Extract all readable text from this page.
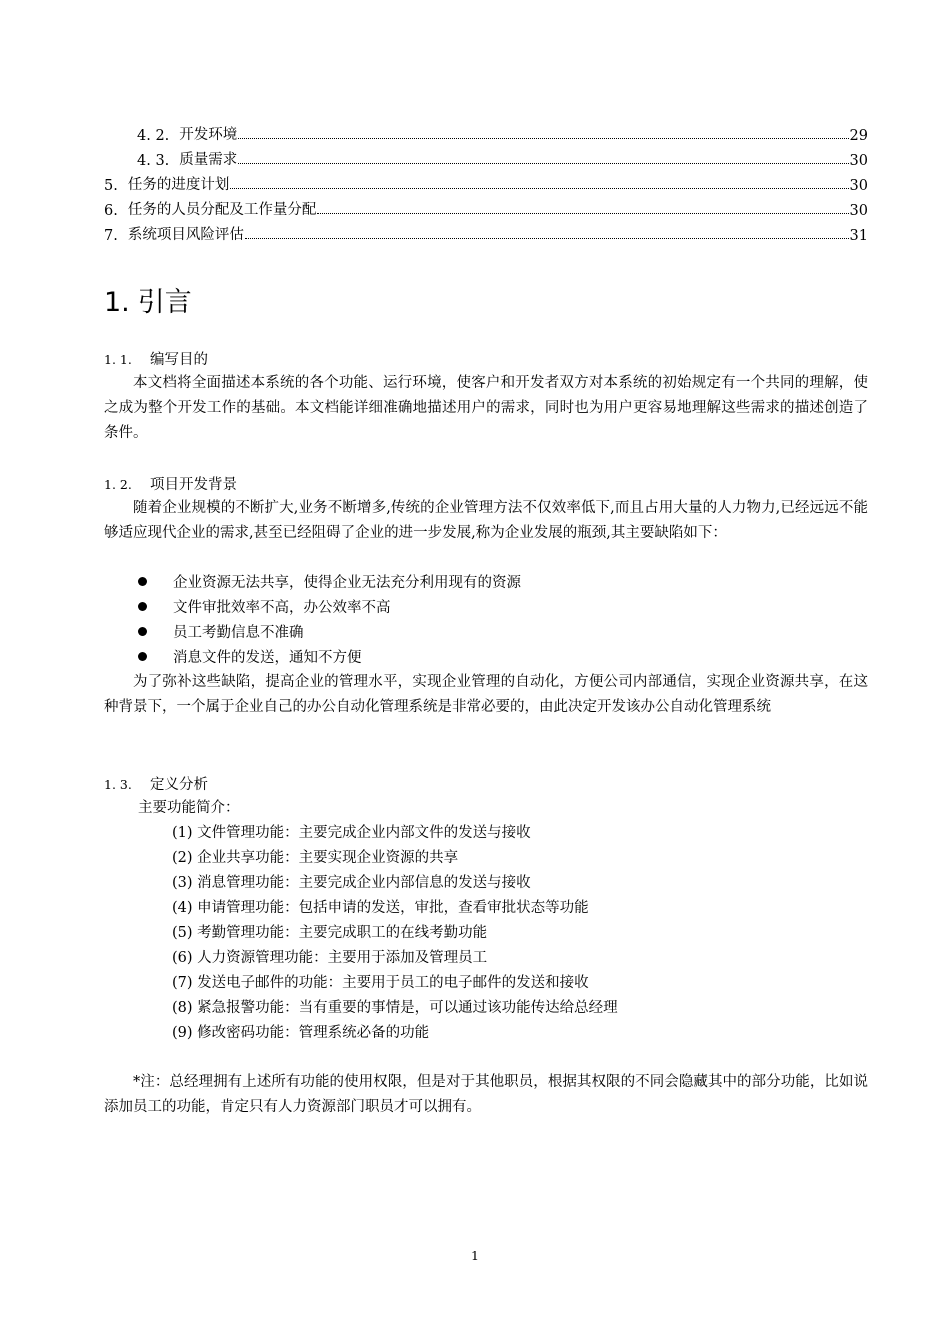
4. 2. 开发环境	29
4. 3. 质量需求	30
5. 任务的进度计划	30
6. 任务的人员分配及工作量分配	30
7. 系统项目风险评估	31
1. 引言
1. 1. 编写目的

本文档将全面描述本系统的各个功能、运行环境，使客户和开发者双方对本系统的初始规定有一个共同的理解，使之成为整个开发工作的基础。本文档能详细准确地描述用户的需求，同时也为用户更容易地理解这些需求的描述创造了条件。

1. 2. 项目开发背景

随着企业规模的不断扩大,业务不断增多,传统的企业管理方法不仅效率低下,而且占用大量的人力物力,已经远远不能够适应现代企业的需求,甚至已经阻碍了企业的进一步发展,称为企业发展的瓶颈,其主要缺陷如下：

企业资源无法共享，使得企业无法充分利用现有的资源
文件审批效率不高，办公效率不高
员工考勤信息不准确
消息文件的发送，通知不方便

为了弥补这些缺陷，提高企业的管理水平，实现企业管理的自动化，方便公司内部通信，实现企业资源共享，在这种背景下，一个属于企业自己的办公自动化管理系统是非常必要的，由此决定开发该办公自动化管理系统

1. 3. 定义分析
主要功能简介：
(1) 文件管理功能：主要完成企业内部文件的发送与接收
(2) 企业共享功能：主要实现企业资源的共享
(3) 消息管理功能：主要完成企业内部信息的发送与接收
(4) 申请管理功能：包括申请的发送，审批，查看审批状态等功能
(5) 考勤管理功能：主要完成职工的在线考勤功能
(6) 人力资源管理功能：主要用于添加及管理员工
(7) 发送电子邮件的功能：主要用于员工的电子邮件的发送和接收
(8) 紧急报警功能：当有重要的事情是，可以通过该功能传达给总经理
(9) 修改密码功能：管理系统必备的功能

*注：总经理拥有上述所有功能的使用权限，但是对于其他职员，根据其权限的不同会隐藏其中的部分功能，比如说添加员工的功能，肯定只有人力资源部门职员才可以拥有。

1
